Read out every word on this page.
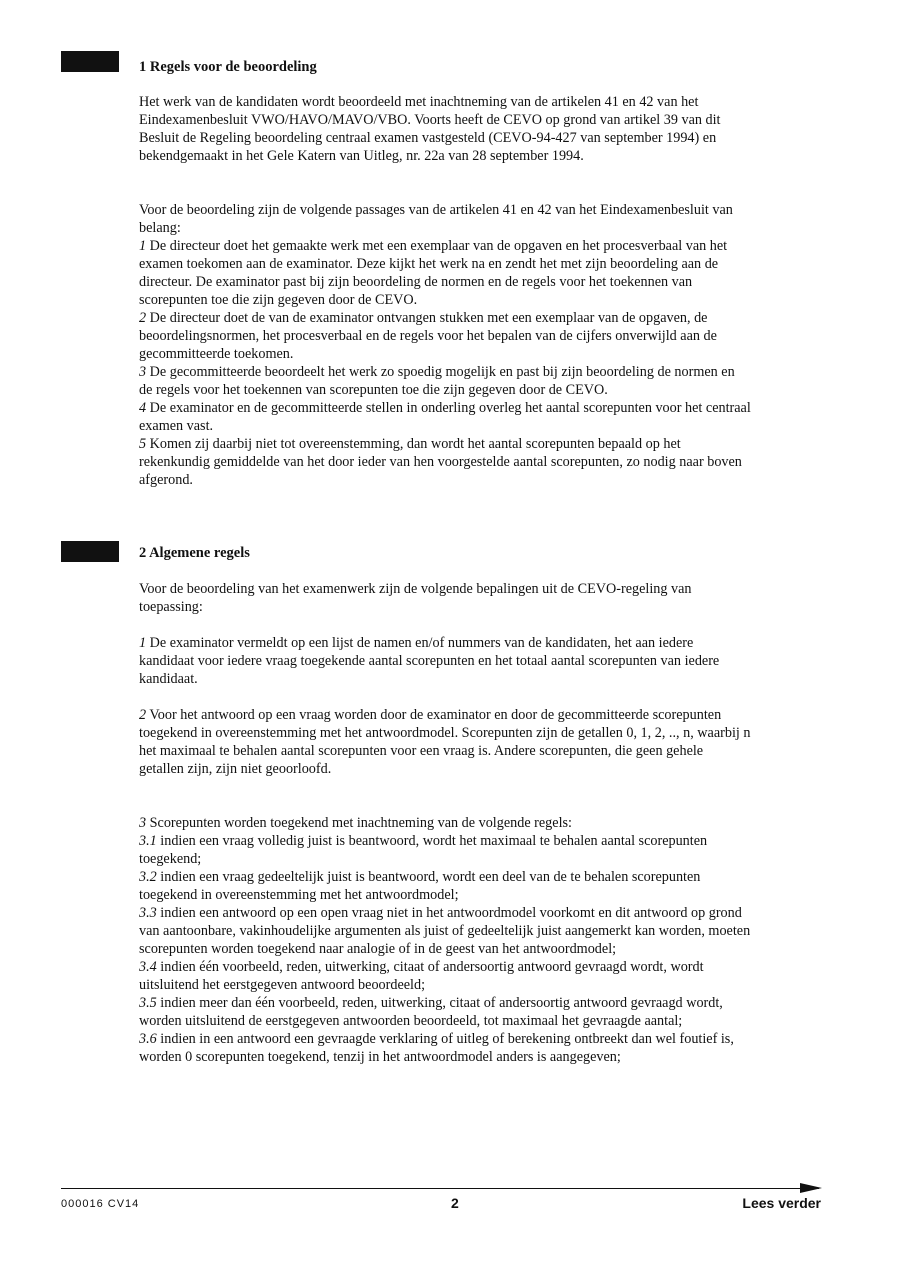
1 Regels voor de beoordeling

Het werk van de kandidaten wordt beoordeeld met inachtneming van de artikelen 41 en 42 van het Eindexamenbesluit VWO/HAVO/MAVO/VBO. Voorts heeft de CEVO op grond van artikel 39 van dit Besluit de Regeling beoordeling centraal examen vastgesteld (CEVO-94-427 van september 1994) en bekendgemaakt in het Gele Katern van Uitleg, nr. 22a van 28 september 1994.

Voor de beoordeling zijn de volgende passages van de artikelen 41 en 42 van het Eindexamenbesluit van belang:

1 De directeur doet het gemaakte werk met een exemplaar van de opgaven en het procesverbaal van het examen toekomen aan de examinator. Deze kijkt het werk na en zendt het met zijn beoordeling aan de directeur. De examinator past bij zijn beoordeling de normen en de regels voor het toekennen van scorepunten toe die zijn gegeven door de CEVO.

2 De directeur doet de van de examinator ontvangen stukken met een exemplaar van de opgaven, de beoordelingsnormen, het procesverbaal en de regels voor het bepalen van de cijfers onverwijld aan de gecommitteerde toekomen.

3 De gecommitteerde beoordeelt het werk zo spoedig mogelijk en past bij zijn beoordeling de normen en de regels voor het toekennen van scorepunten toe die zijn gegeven door de CEVO.

4 De examinator en de gecommitteerde stellen in onderling overleg het aantal scorepunten voor het centraal examen vast.

5 Komen zij daarbij niet tot overeenstemming, dan wordt het aantal scorepunten bepaald op het rekenkundig gemiddelde van het door ieder van hen voorgestelde aantal scorepunten, zo nodig naar boven afgerond.

2 Algemene regels

Voor de beoordeling van het examenwerk zijn de volgende bepalingen uit de CEVO-regeling van toepassing:

1 De examinator vermeldt op een lijst de namen en/of nummers van de kandidaten, het aan iedere kandidaat voor iedere vraag toegekende aantal scorepunten en het totaal aantal scorepunten van iedere kandidaat.

2 Voor het antwoord op een vraag worden door de examinator en door de gecommitteerde scorepunten toegekend in overeenstemming met het antwoordmodel. Scorepunten zijn de getallen 0, 1, 2, .., n, waarbij n het maximaal te behalen aantal scorepunten voor een vraag is. Andere scorepunten, die geen gehele getallen zijn, zijn niet geoorloofd.

3 Scorepunten worden toegekend met inachtneming van de volgende regels:

3.1 indien een vraag volledig juist is beantwoord, wordt het maximaal te behalen aantal scorepunten toegekend;

3.2 indien een vraag gedeeltelijk juist is beantwoord, wordt een deel van de te behalen scorepunten toegekend in overeenstemming met het antwoordmodel;

3.3 indien een antwoord op een open vraag niet in het antwoordmodel voorkomt en dit antwoord op grond van aantoonbare, vakinhoudelijke argumenten als juist of gedeeltelijk juist aangemerkt kan worden, moeten scorepunten worden toegekend naar analogie of in de geest van het antwoordmodel;

3.4 indien één voorbeeld, reden, uitwerking, citaat of andersoortig antwoord gevraagd wordt, wordt uitsluitend het eerstgegeven antwoord beoordeeld;

3.5 indien meer dan één voorbeeld, reden, uitwerking, citaat of andersoortig antwoord gevraagd wordt, worden uitsluitend de eerstgegeven antwoorden beoordeeld, tot maximaal het gevraagde aantal;

3.6 indien in een antwoord een gevraagde verklaring of uitleg of berekening ontbreekt dan wel foutief is, worden 0 scorepunten toegekend, tenzij in het antwoordmodel anders is aangegeven;

000016 CV14	2	Lees verder
